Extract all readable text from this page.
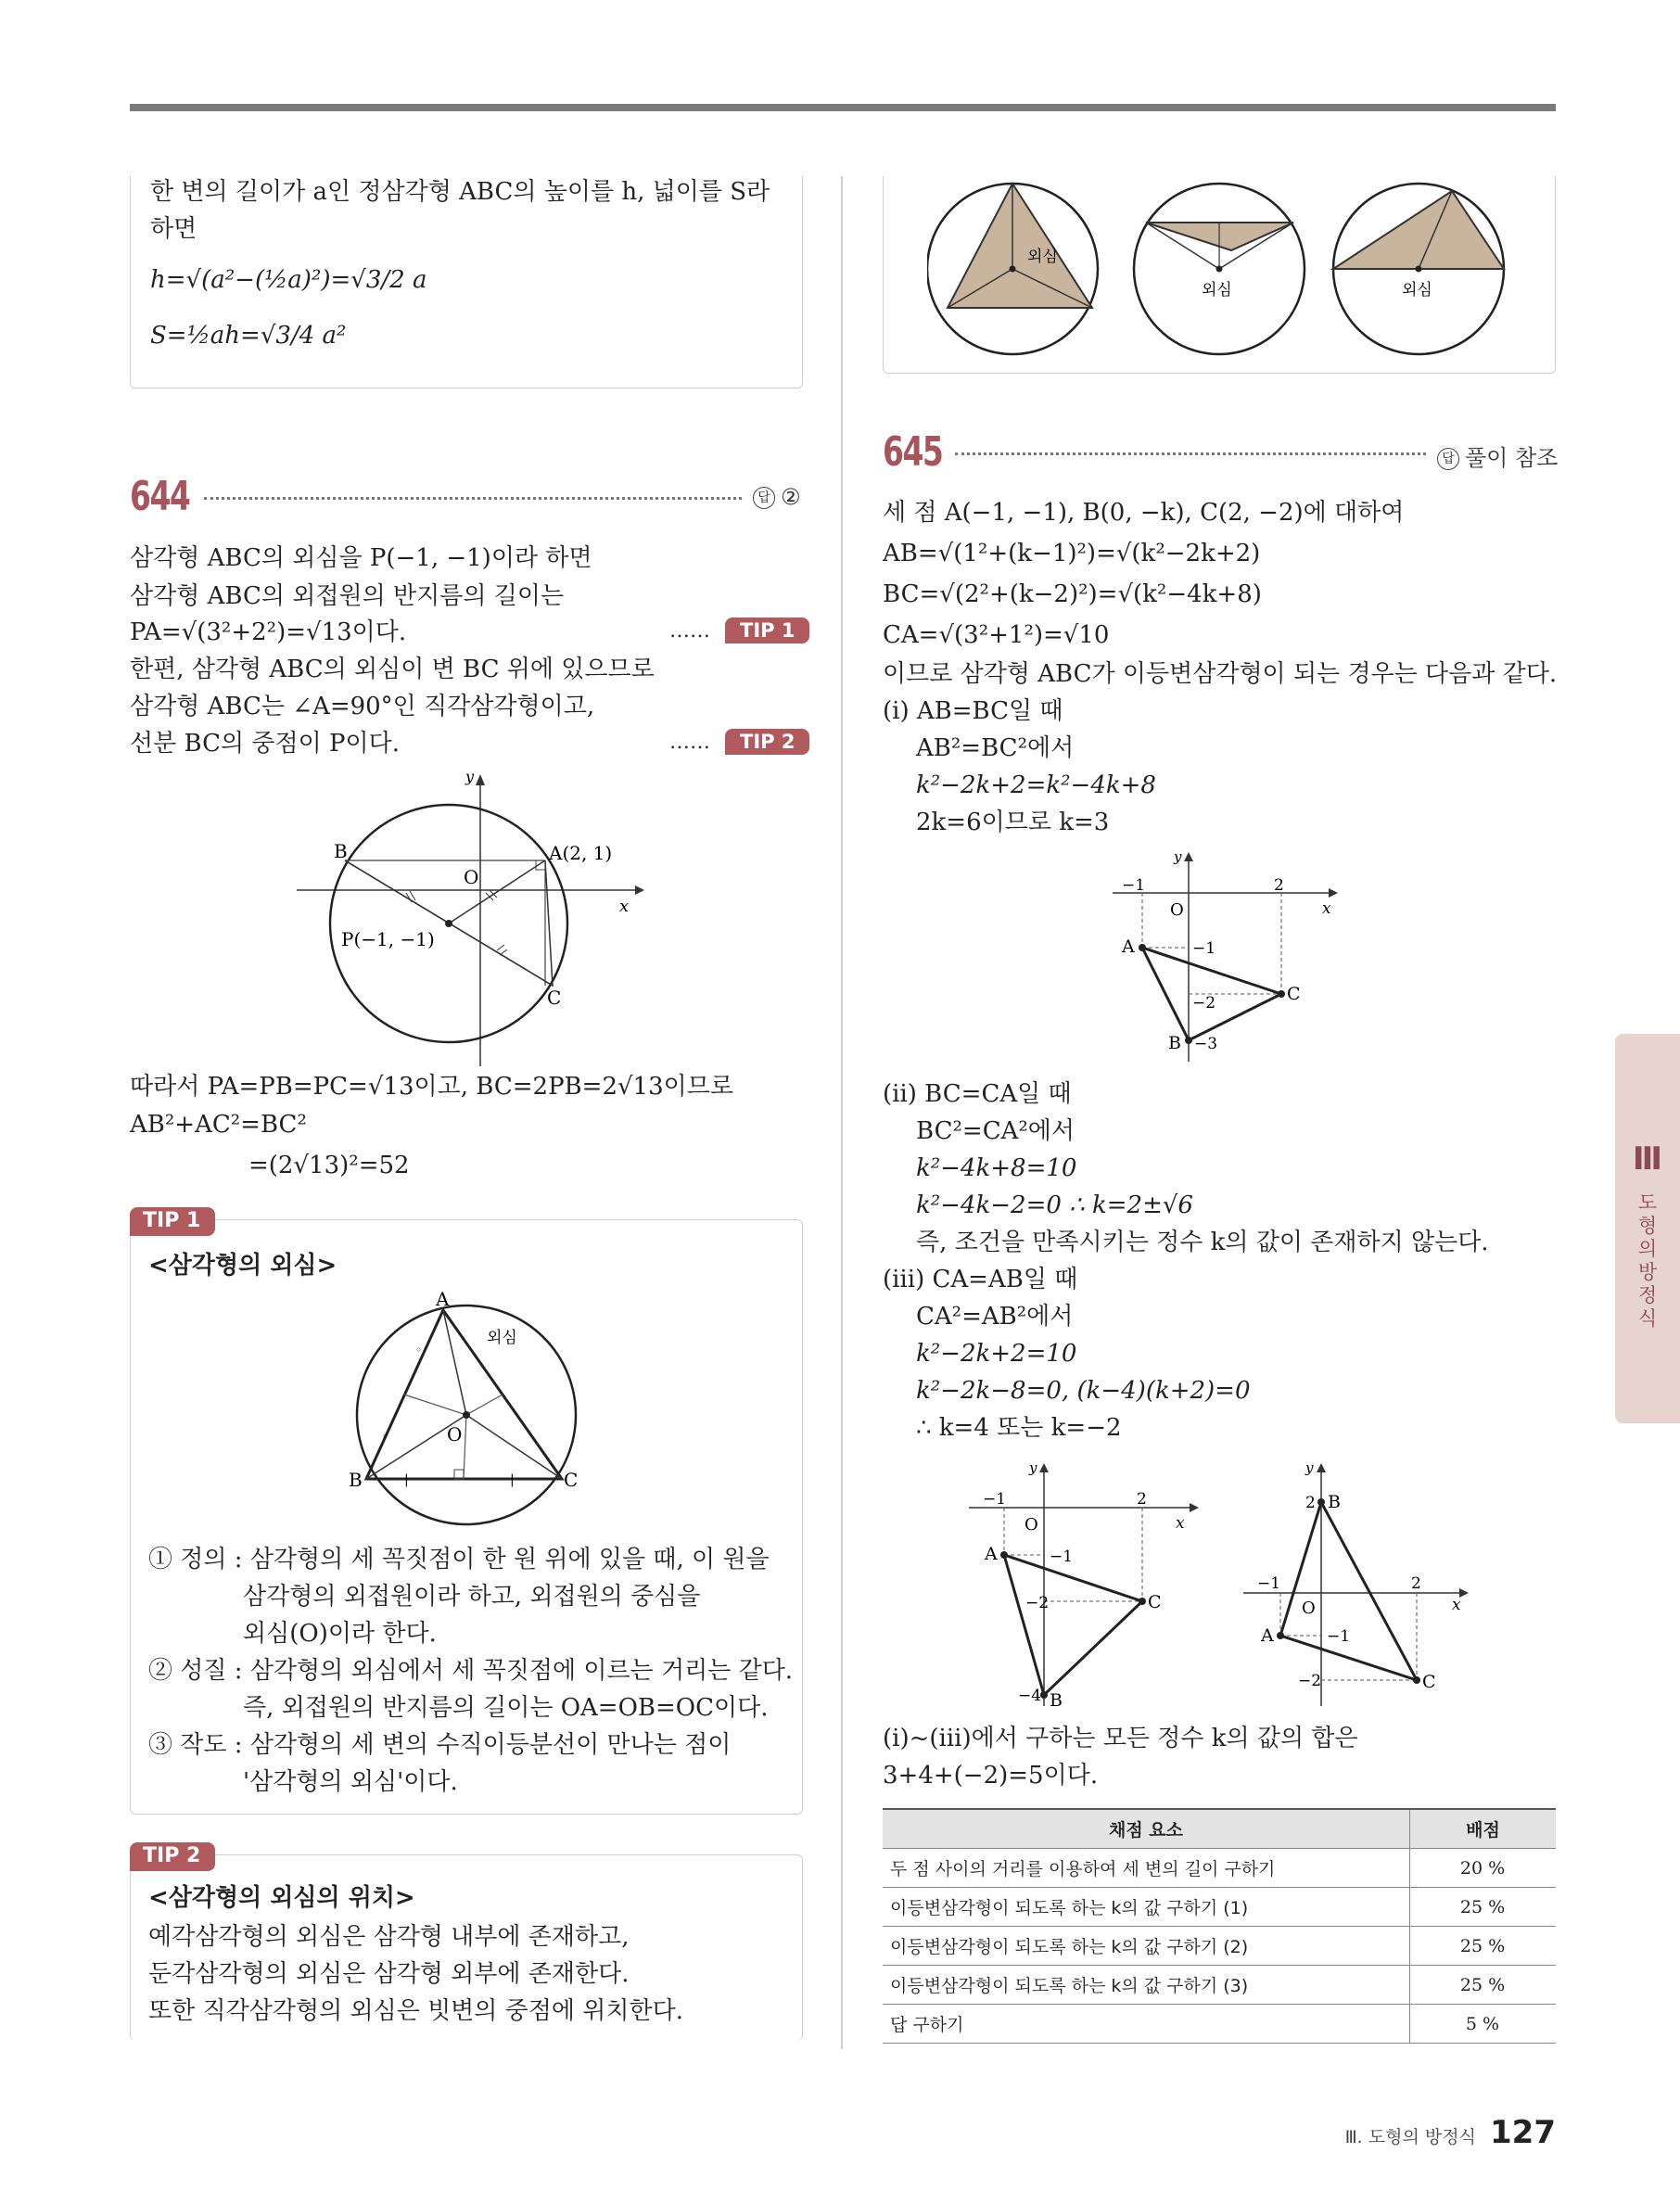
한 변의 길이가 a인 정삼각형 ABC의 높이를 h, 넓이를 S라
하면
h=√(a²−(½a)²)=√3/2 a
S=½ah=√3/4 a²
644	답 ②
삼각형 ABC의 외심을 P(−1, −1)이라 하면
삼각형 ABC의 외접원의 반지름의 길이는
PA=√(3²+2²)=√13이다.	……	TIP 1
한편, 삼각형 ABC의 외심이 변 BC 위에 있으므로
삼각형 ABC는 ∠A=90°인 직각삼각형이고,
선분 BC의 중점이 P이다.	……	TIP 2
y
x
O
A(2, 1)
B
C
P(−1, −1)
따라서 PA=PB=PC=√13이고, BC=2PB=2√13이므로
AB²+AC²=BC²
=(2√13)²=52
TIP 1
<삼각형의 외심>
◦
◦
|	|
A
B	C
O
외심
① 정의 : 삼각형의 세 꼭짓점이 한 원 위에 있을 때, 이 원을
삼각형의 외접원이라 하고, 외접원의 중심을
외심(O)이라 한다.
② 성질 : 삼각형의 외심에서 세 꼭짓점에 이르는 거리는 같다.
즉, 외접원의 반지름의 길이는 OA=OB=OC이다.
③ 작도 : 삼각형의 세 변의 수직이등분선이 만나는 점이
'삼각형의 외심'이다.
TIP 2
<삼각형의 외심의 위치>
예각삼각형의 외심은 삼각형 내부에 존재하고,
둔각삼각형의 외심은 삼각형 외부에 존재한다.
또한 직각삼각형의 외심은 빗변의 중점에 위치한다.
외심
외심	외심
645	답 풀이 참조
세 점 A(−1, −1), B(0, −k), C(2, −2)에 대하여
AB=√(1²+(k−1)²)=√(k²−2k+2)
BC=√(2²+(k−2)²)=√(k²−4k+8)
CA=√(3²+1²)=√10
이므로 삼각형 ABC가 이등변삼각형이 되는 경우는 다음과 같다.
(ⅰ) AB=BC일 때
AB²=BC²에서
k²−2k+2=k²−4k+8
2k=6이므로 k=3
y
x
O
−1	2
A
B
C
−1
−2
−3
(ⅱ) BC=CA일 때
BC²=CA²에서
k²−4k+8=10
k²−4k−2=0 ∴ k=2±√6
즉, 조건을 만족시키는 정수 k의 값이 존재하지 않는다.
(ⅲ) CA=AB일 때
CA²=AB²에서
k²−2k+2=10
k²−2k−8=0, (k−4)(k+2)=0
∴ k=4 또는 k=−2
y
x
O
−1	2
A
B
C
−1
−2
−4
y
x
O
−1	2
2
A
B
C
−1
−2
(ⅰ)~(ⅲ)에서 구하는 모든 정수 k의 값의 합은
3+4+(−2)=5이다.
채점 요소	배점
두 점 사이의 거리를 이용하여 세 변의 길이 구하기	20 %
이등변삼각형이 되도록 하는 k의 값 구하기 (1)	25 %
이등변삼각형이 되도록 하는 k의 값 구하기 (2)	25 %
이등변삼각형이 되도록 하는 k의 값 구하기 (3)	25 %
답 구하기	5 %
Ⅲ
도형의 방정식
Ⅲ. 도형의 방정식 127
